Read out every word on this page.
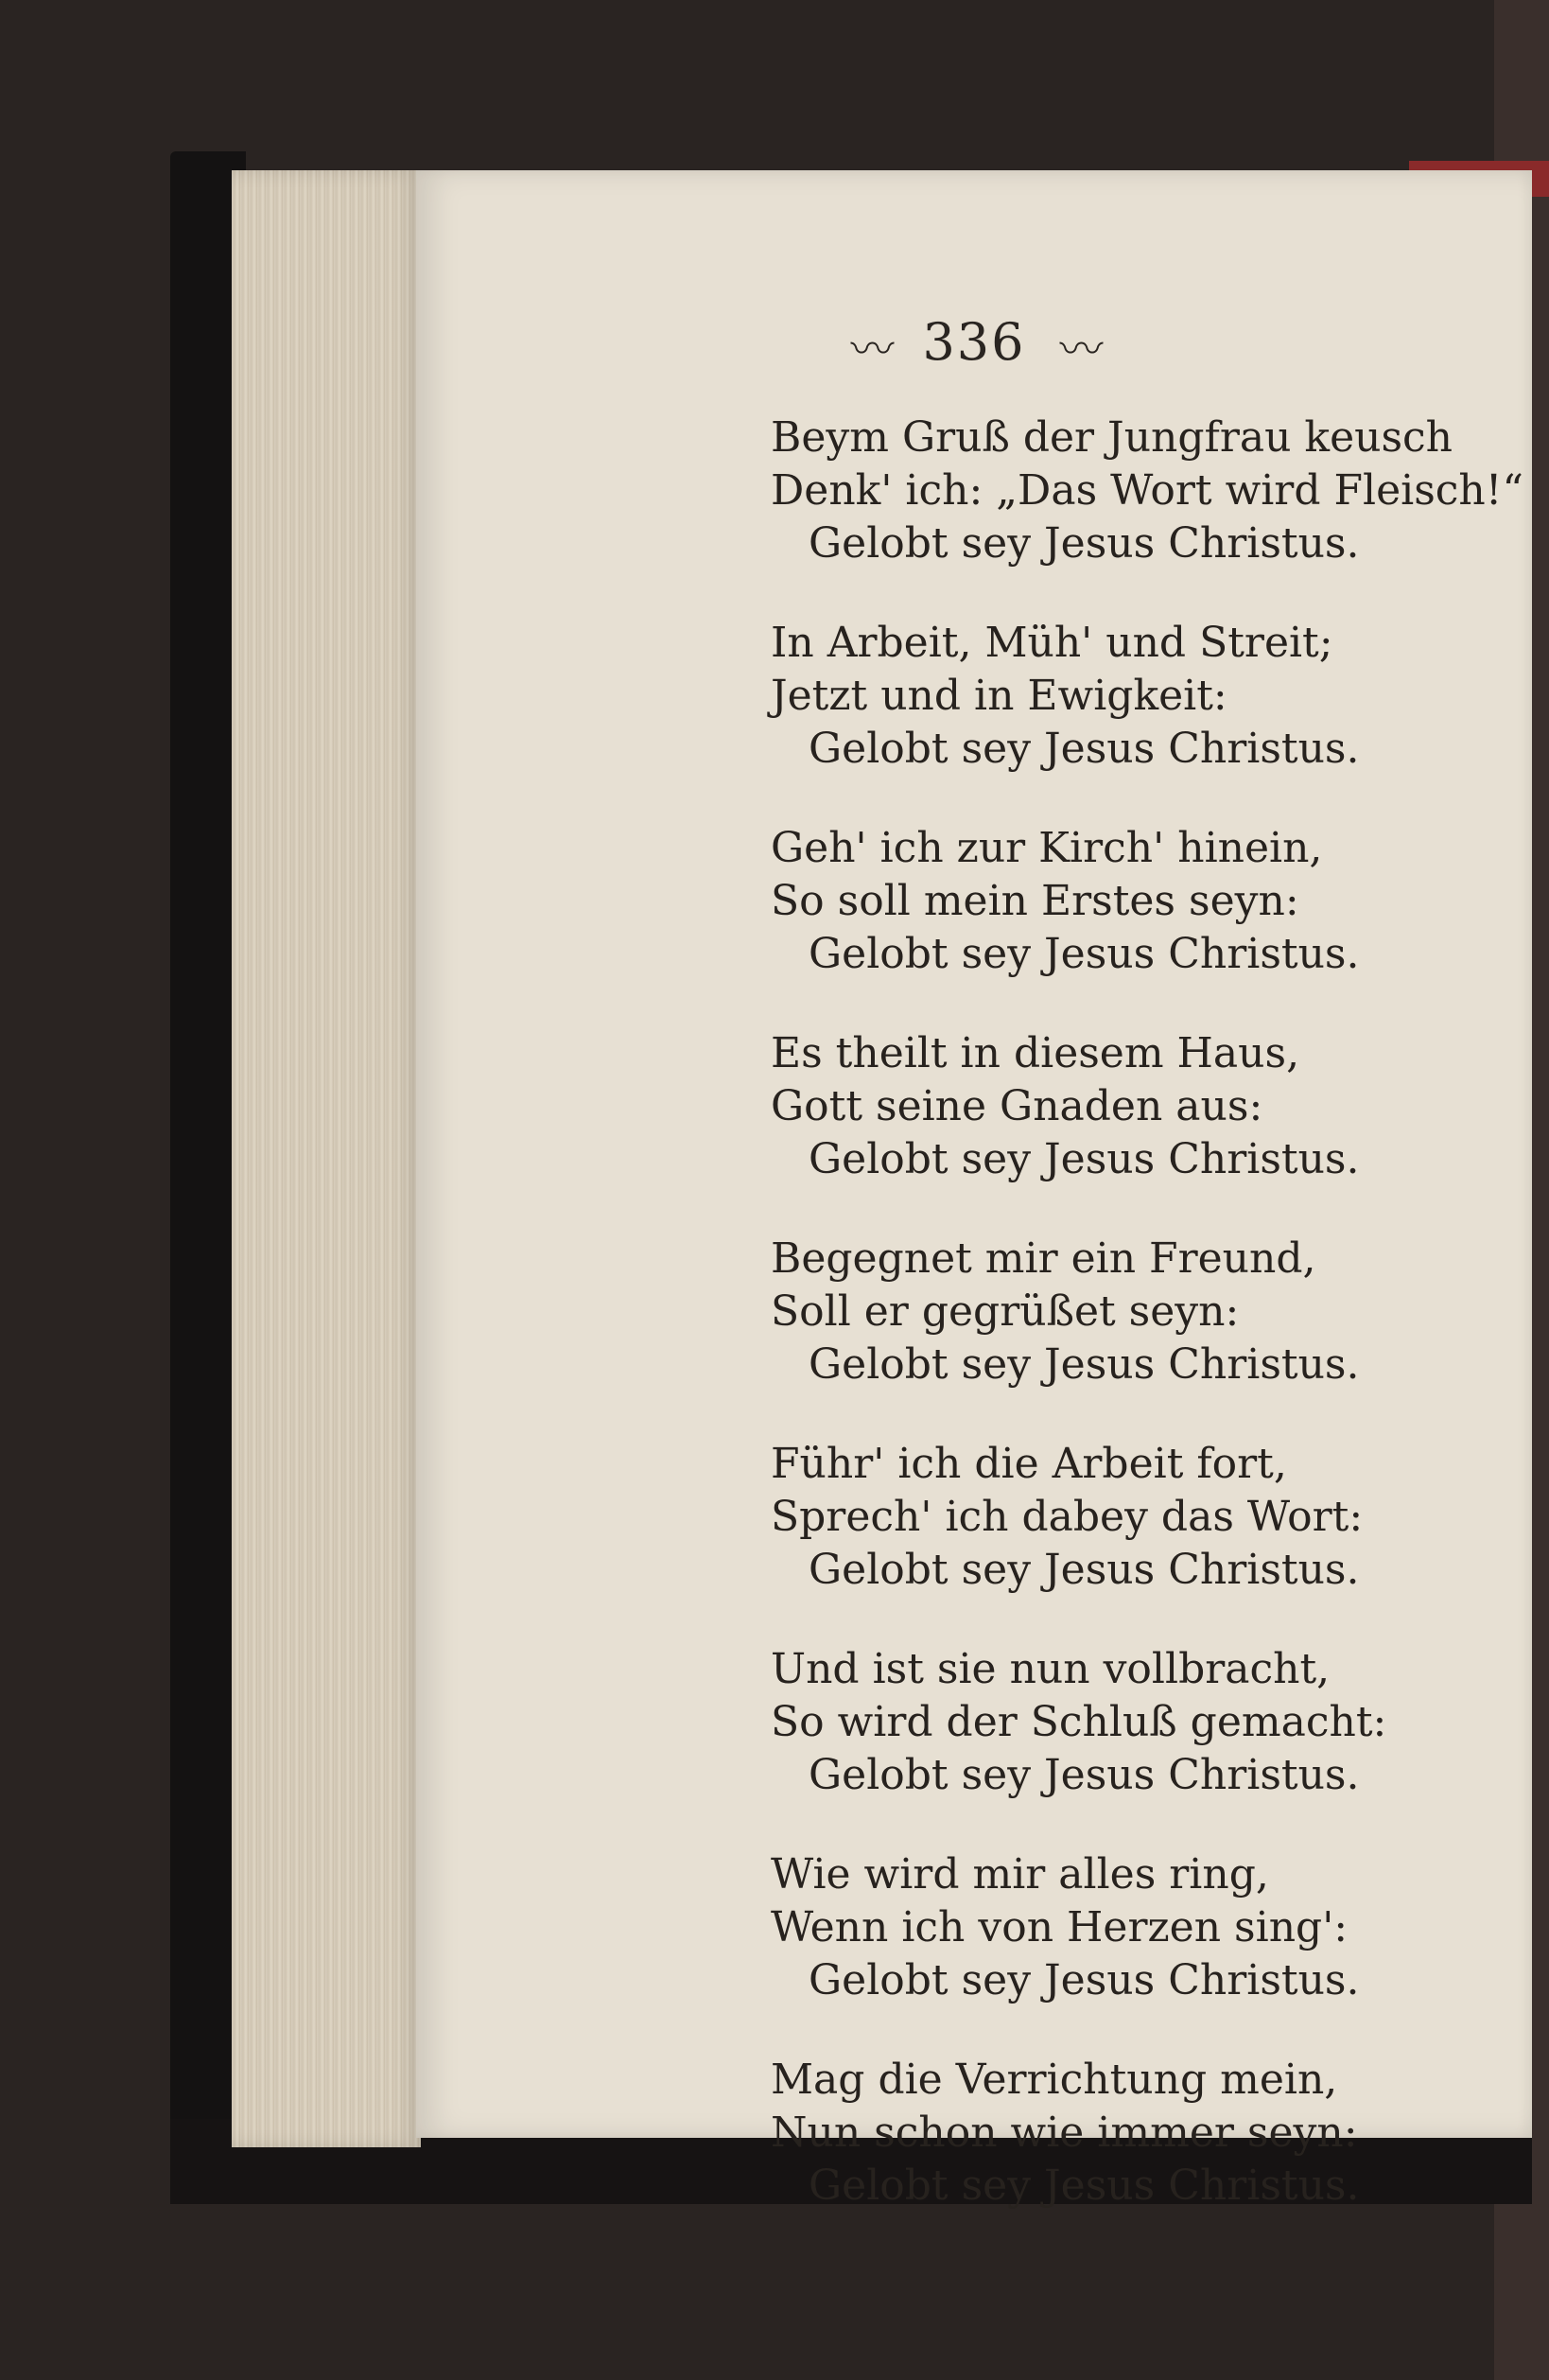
〰 336 〰
Beym Gruß der Jungfrau keusch
Denk' ich: „Das Wort wird Fleisch!“
Gelobt sey Jesus Christus.
In Arbeit, Müh' und Streit;
Jetzt und in Ewigkeit:
Gelobt sey Jesus Christus.
Geh' ich zur Kirch' hinein,
So soll mein Erstes seyn:
Gelobt sey Jesus Christus.
Es theilt in diesem Haus,
Gott seine Gnaden aus:
Gelobt sey Jesus Christus.
Begegnet mir ein Freund,
Soll er gegrüßet seyn:
Gelobt sey Jesus Christus.
Führ' ich die Arbeit fort,
Sprech' ich dabey das Wort:
Gelobt sey Jesus Christus.
Und ist sie nun vollbracht,
So wird der Schluß gemacht:
Gelobt sey Jesus Christus.
Wie wird mir alles ring,
Wenn ich von Herzen sing':
Gelobt sey Jesus Christus.
Mag die Verrichtung mein,
Nun schon wie immer seyn:
Gelobt sey Jesus Christus.
